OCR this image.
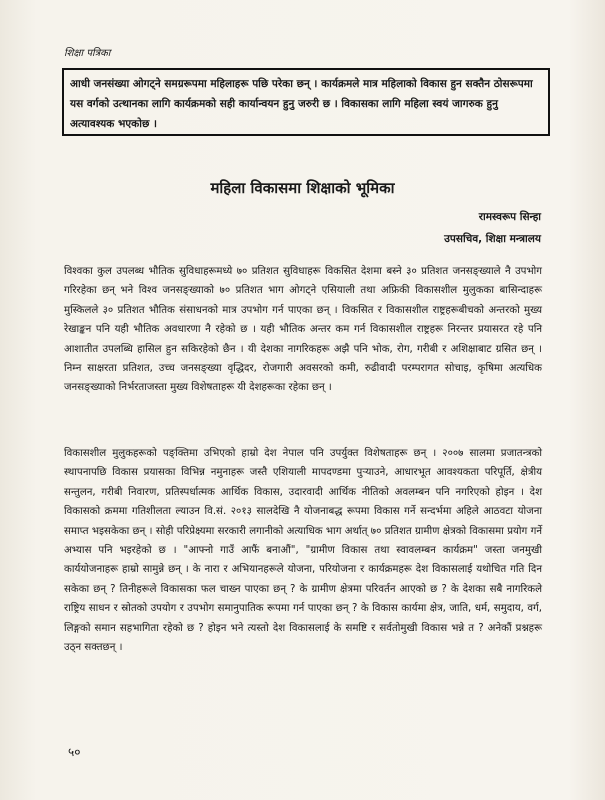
शिक्षा पत्रिका

आधी जनसंख्या ओगट्ने समग्ररूपमा महिलाहरू पछि परेका छन् । कार्यक्रमले मात्र महिलाको विकास हुन सक्तैन ठोसरूपमा यस वर्गको उत्थानका लागि कार्यक्रमको सही कार्यान्वयन हुनु जरुरी छ । विकासका लागि महिला स्वयं जागरुक हुनु अत्यावश्यक भएकोछ ।

महिला विकासमा शिक्षाको भूमिका
रामस्वरूप सिन्हा
उपसचिव, शिक्षा मन्त्रालय

विश्वका कुल उपलब्ध भौतिक सुविधाहरूमध्ये ७० प्रतिशत सुविधाहरू विकसित देशमा बस्ने ३० प्रतिशत जनसङ्ख्याले नै उपभोग गरिरहेका छन् भने विश्व जनसङ्ख्याको ७० प्रतिशत भाग ओगट्ने एसियाली तथा अफ्रिकी विकासशील मुलुकका बासिन्दाहरू मुस्किलले ३० प्रतिशत भौतिक संसाधनको मात्र उपभोग गर्न पाएका छन् । विकसित र विकासशील राष्ट्रहरूबीचको अन्तरको मुख्य रेखाङ्कन पनि यही भौतिक अवधारणा नै रहेको छ । यही भौतिक अन्तर कम गर्न विकासशील राष्ट्रहरू निरन्तर प्रयासरत रहे पनि आशातीत उपलब्धि हासिल हुन सकिरहेको छैन । यी देशका नागरिकहरू अझै पनि भोक, रोग, गरीबी र अशिक्षाबाट ग्रसित छन् । निम्न साक्षरता प्रतिशत, उच्च जनसङ्ख्या वृद्धिदर, रोजगारी अवसरको कमी, रुढीवादी परम्परागत सोचाइ, कृषिमा अत्यधिक जनसङ्ख्याको निर्भरताजस्ता मुख्य विशेषताहरू यी देशहरूका रहेका छन् ।

विकासशील मुलुकहरूको पङ्क्तिमा उभिएको हाम्रो देश नेपाल पनि उपर्युक्त विशेषताहरू छन् । २००७ सालमा प्रजातन्त्रको स्थापनापछि विकास प्रयासका विभिन्न नमुनाहरू जस्तै एशियाली मापदण्डमा पुऱ्याउने, आधारभूत आवश्यकता परिपूर्ति, क्षेत्रीय सन्तुलन, गरीबी निवारण, प्रतिस्पर्धात्मक आर्थिक विकास, उदारवादी आर्थिक नीतिको अवलम्बन पनि नगरिएको होइन । देश विकासको क्रममा गतिशीलता ल्याउन वि.सं. २०१३ सालदेखि नै योजनाबद्ध रूपमा विकास गर्ने सन्दर्भमा अहिले आठवटा योजना समाप्त भइसकेका छन् । सोही परिप्रेक्ष्यमा सरकारी लगानीको अत्याधिक भाग अर्थात् ७० प्रतिशत ग्रामीण क्षेत्रको विकासमा प्रयोग गर्ने अभ्यास पनि भइरहेको छ । "आफ्नो गाउँ आफैं बनाऔं", "ग्रामीण विकास तथा स्वावलम्बन कार्यक्रम" जस्ता जनमुखी कार्ययोजनाहरू हाम्रो सामुन्ने छन् । के नारा र अभियानहरूले योजना, परियोजना र कार्यक्रमहरू देश विकासलाई यथोचित गति दिन सकेका छन् ? तिनीहरूले विकासका फल चाख्न पाएका छन् ? के ग्रामीण क्षेत्रमा परिवर्तन आएको छ ? के देशका सबै नागरिकले राष्ट्रिय साधन र स्रोतको उपयोग र उपभोग समानुपातिक रूपमा गर्न पाएका छन् ? के विकास कार्यमा क्षेत्र, जाति, धर्म, समुदाय, वर्ग, लिङ्गको समान सहभागिता रहेको छ ? होइन भने त्यस्तो देश विकासलाई के समष्टि र सर्वतोमुखी विकास भन्ने त ? अनेकौं प्रश्नहरू उठ्न सक्तछन् ।

५०
